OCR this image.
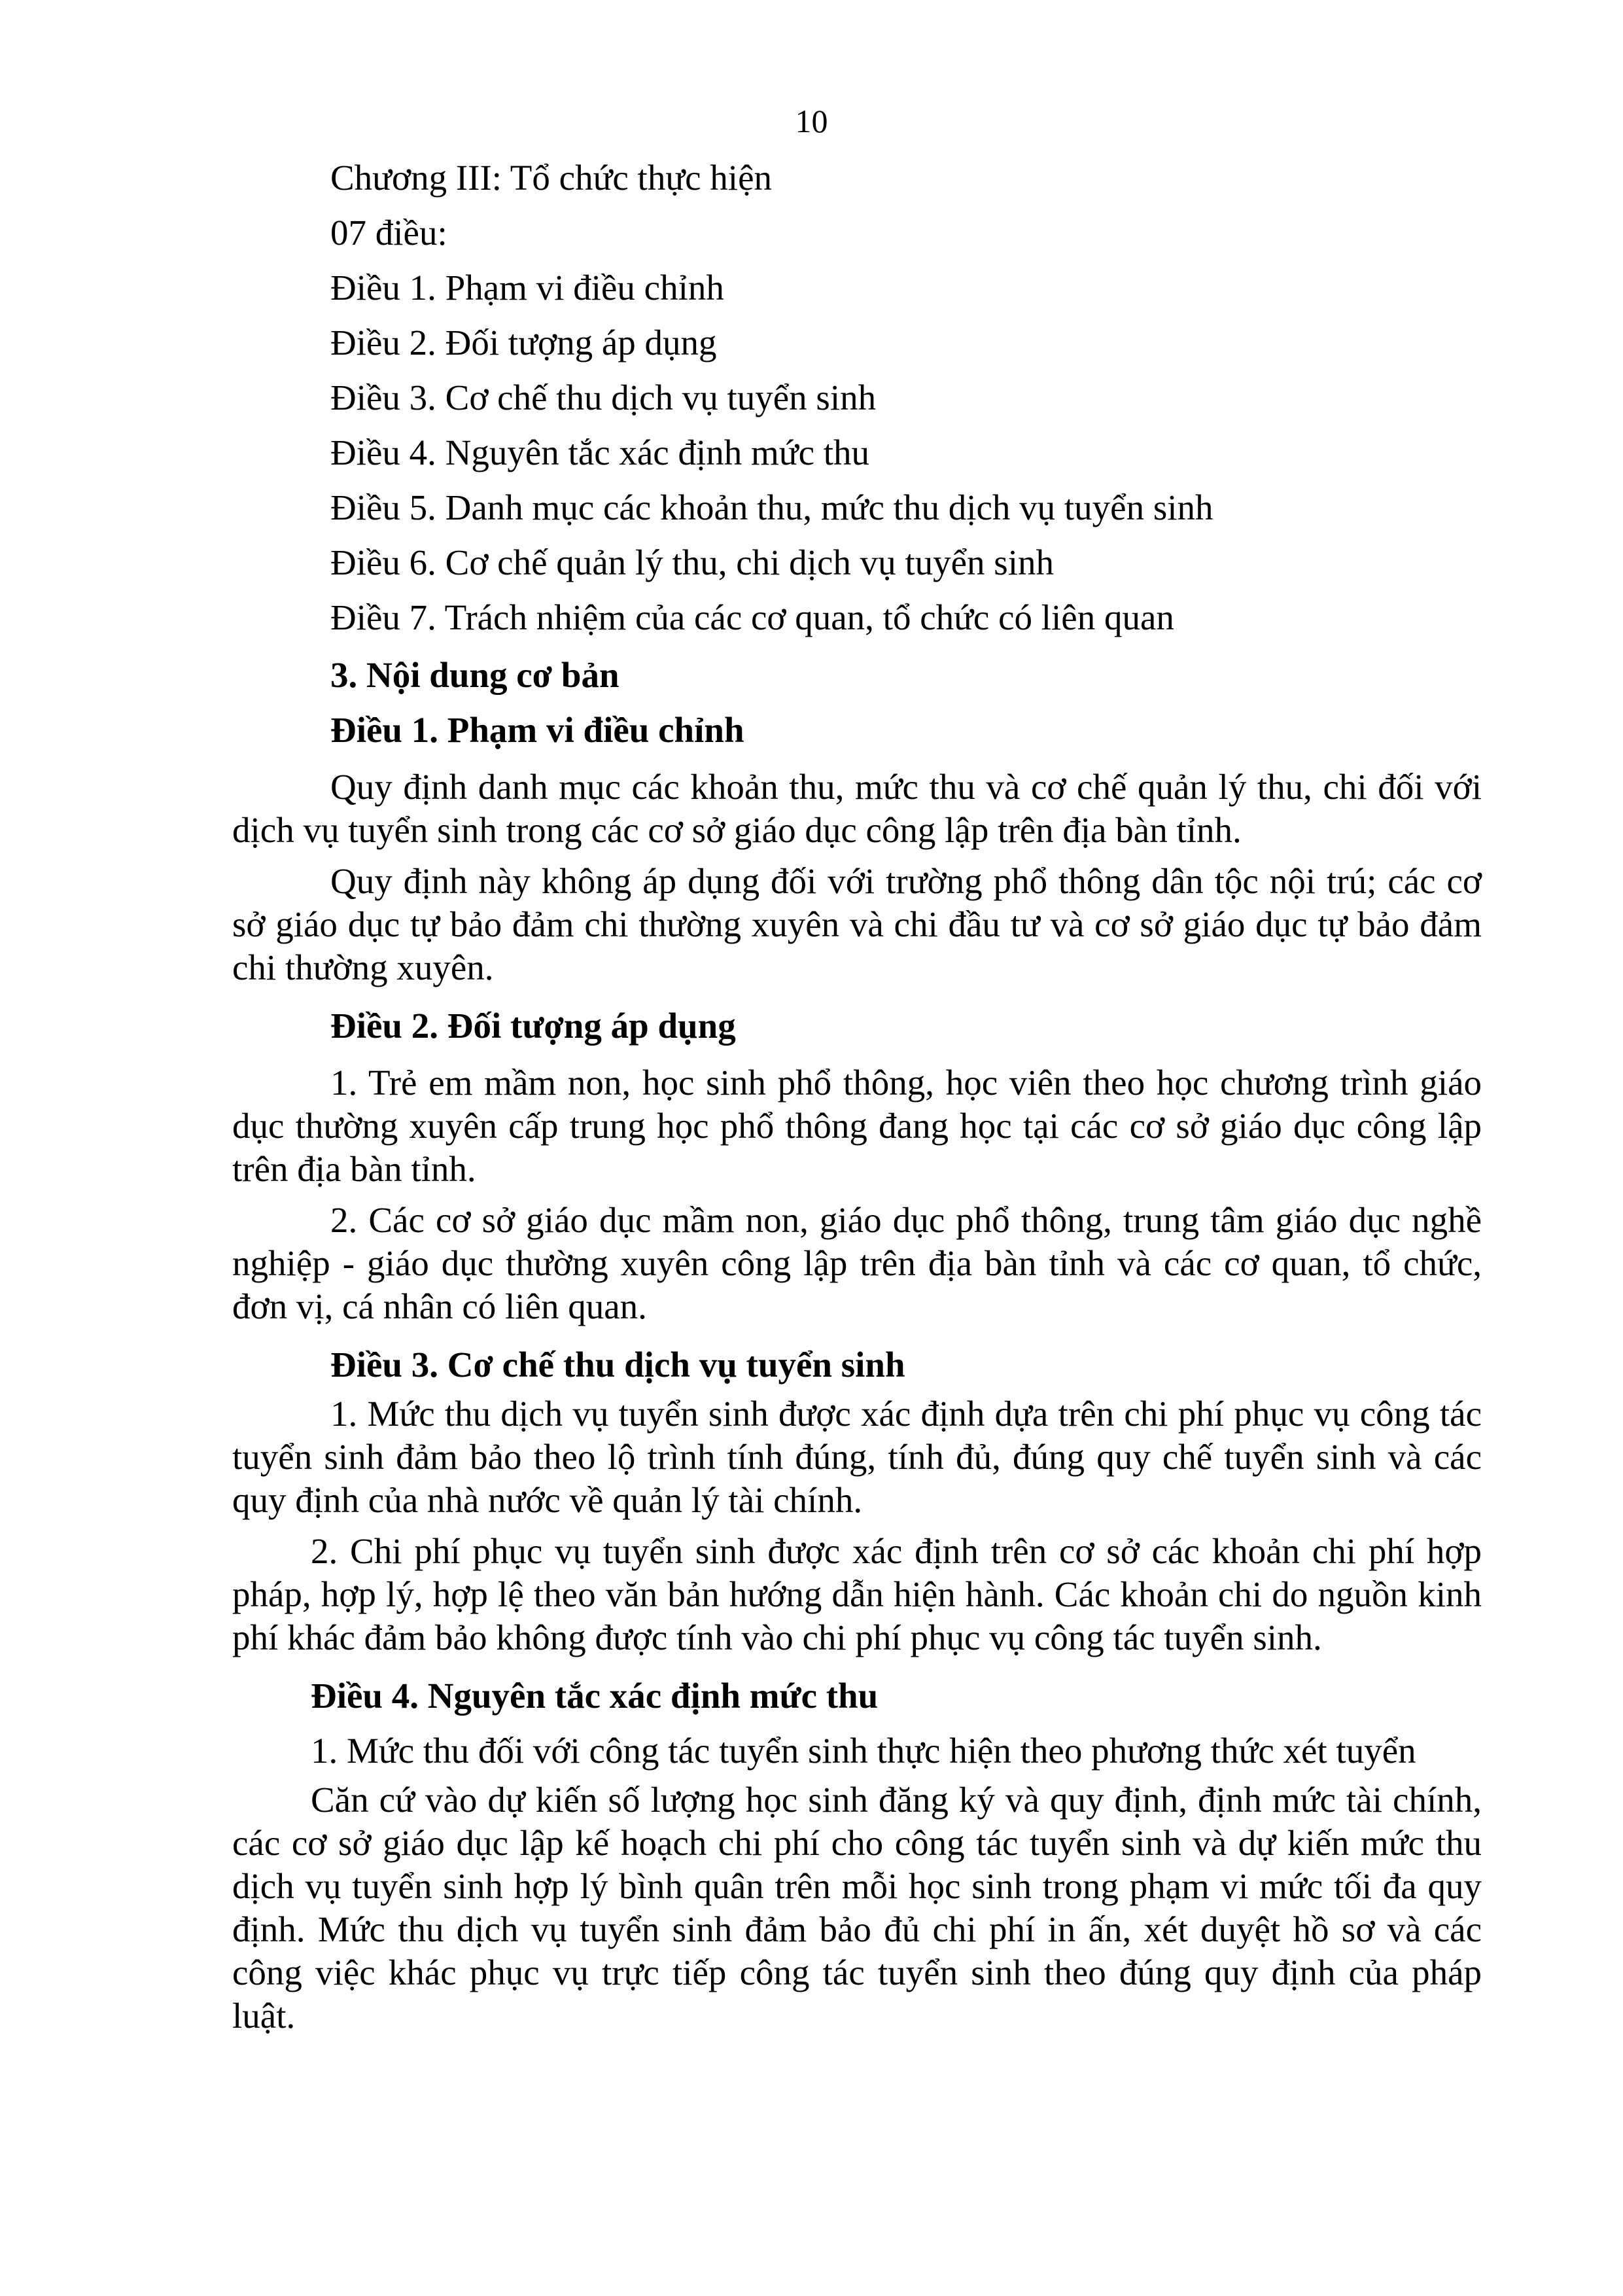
10

Chương III: Tổ chức thực hiện

07 điều:

Điều 1. Phạm vi điều chỉnh

Điều 2. Đối tượng áp dụng

Điều 3. Cơ chế thu dịch vụ tuyển sinh

Điều 4. Nguyên tắc xác định mức thu

Điều 5. Danh mục các khoản thu, mức thu dịch vụ tuyển sinh

Điều 6. Cơ chế quản lý thu, chi dịch vụ tuyển sinh

Điều 7. Trách nhiệm của các cơ quan, tổ chức có liên quan

3. Nội dung cơ bản

Điều 1. Phạm vi điều chỉnh

Quy định danh mục các khoản thu, mức thu và cơ chế quản lý thu, chi đối với dịch vụ tuyển sinh trong các cơ sở giáo dục công lập trên địa bàn tỉnh.

Quy định này không áp dụng đối với trường phổ thông dân tộc nội trú; các cơ sở giáo dục tự bảo đảm chi thường xuyên và chi đầu tư và cơ sở giáo dục tự bảo đảm chi thường xuyên.

Điều 2. Đối tượng áp dụng

1. Trẻ em mầm non, học sinh phổ thông, học viên theo học chương trình giáo dục thường xuyên cấp trung học phổ thông đang học tại các cơ sở giáo dục công lập trên địa bàn tỉnh.

2. Các cơ sở giáo dục mầm non, giáo dục phổ thông, trung tâm giáo dục nghề nghiệp - giáo dục thường xuyên công lập trên địa bàn tỉnh và các cơ quan, tổ chức, đơn vị, cá nhân có liên quan.

Điều 3. Cơ chế thu dịch vụ tuyển sinh

1. Mức thu dịch vụ tuyển sinh được xác định dựa trên chi phí phục vụ công tác tuyển sinh đảm bảo theo lộ trình tính đúng, tính đủ, đúng quy chế tuyển sinh và các quy định của nhà nước về quản lý tài chính.

2. Chi phí phục vụ tuyển sinh được xác định trên cơ sở các khoản chi phí hợp pháp, hợp lý, hợp lệ theo văn bản hướng dẫn hiện hành. Các khoản chi do nguồn kinh phí khác đảm bảo không được tính vào chi phí phục vụ công tác tuyển sinh.

Điều 4. Nguyên tắc xác định mức thu

1. Mức thu đối với công tác tuyển sinh thực hiện theo phương thức xét tuyển

Căn cứ vào dự kiến số lượng học sinh đăng ký và quy định, định mức tài chính, các cơ sở giáo dục lập kế hoạch chi phí cho công tác tuyển sinh và dự kiến mức thu dịch vụ tuyển sinh hợp lý bình quân trên mỗi học sinh trong phạm vi mức tối đa quy định. Mức thu dịch vụ tuyển sinh đảm bảo đủ chi phí in ấn, xét duyệt hồ sơ và các công việc khác phục vụ trực tiếp công tác tuyển sinh theo đúng quy định của pháp luật.
